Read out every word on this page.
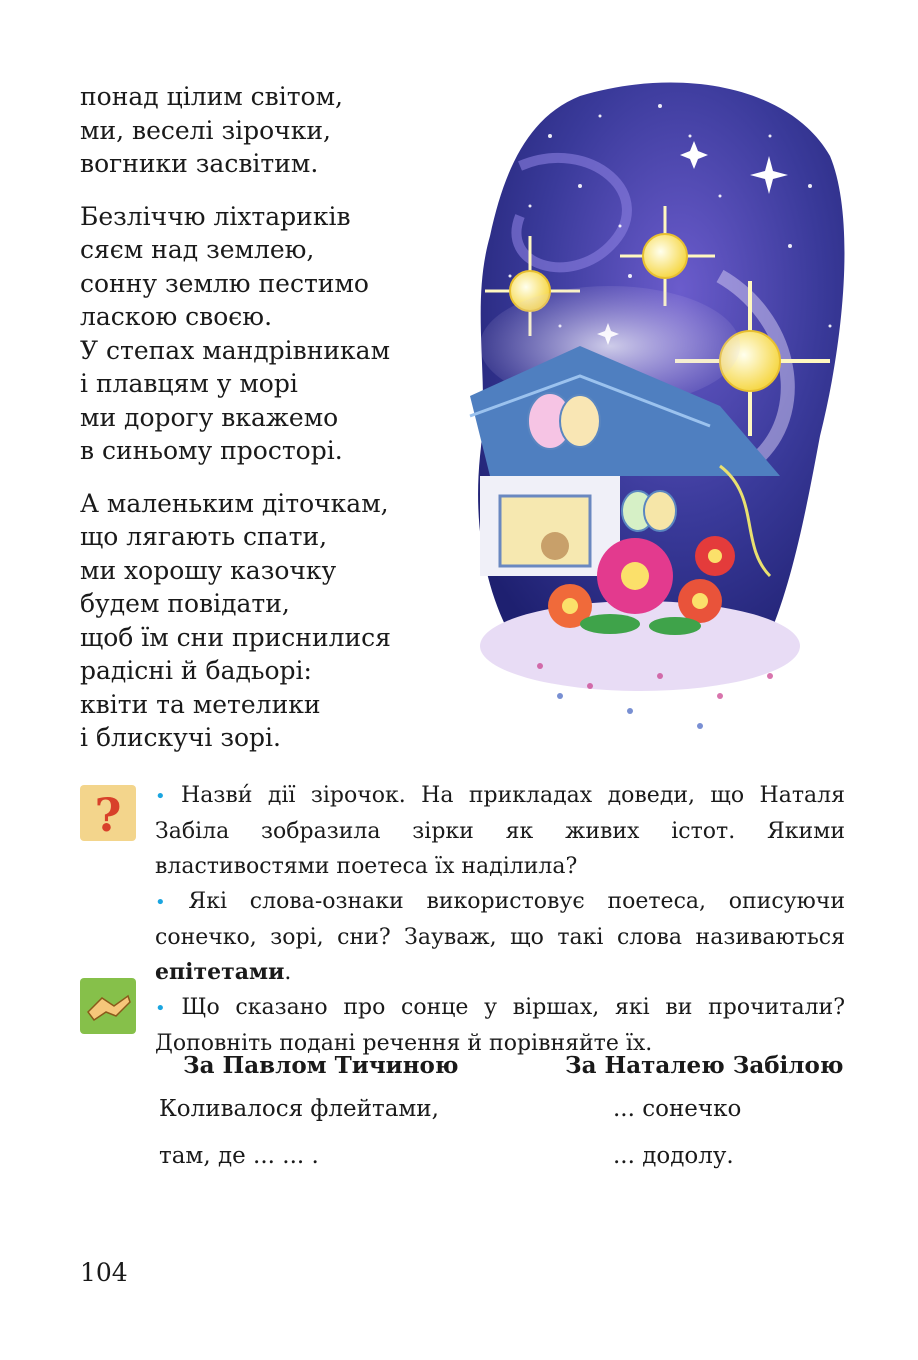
понад цілим світом,
ми, веселі зірочки,
вогники засвітим.
Безліччю ліхтариків
сяєм над землею,
сонну землю пестимо
ласкою своєю.
У степах мандрівникам
і плавцям у морі
ми дорогу вкажемо
в синьому просторі.
А маленьким діточкам,
що лягають спати,
ми хорошу казочку
будем повідати,
щоб їм сни приснилися
радісні й бадьорі:
квіти та метелики
і блискучі зорі.
? • Назви́ дії зірочок. На прикладах доведи, що Наталя Забіла зобразила зірки як живих істот. Якими властивостями поетеса їх наділила?

• Які слова-ознаки використовує поетеса, описуючи сонечко, зорі, сни? Зауваж, що такі слова називаються епітетами.

• Що сказано про сонце у віршах, які ви прочитали? Доповніть подані речення й порівняйте їх.

За Павлом Тичиною	За Наталею Забілою
Коливалося флейтами,
там, де ... ... .
... сонечко
... додолу.
104
